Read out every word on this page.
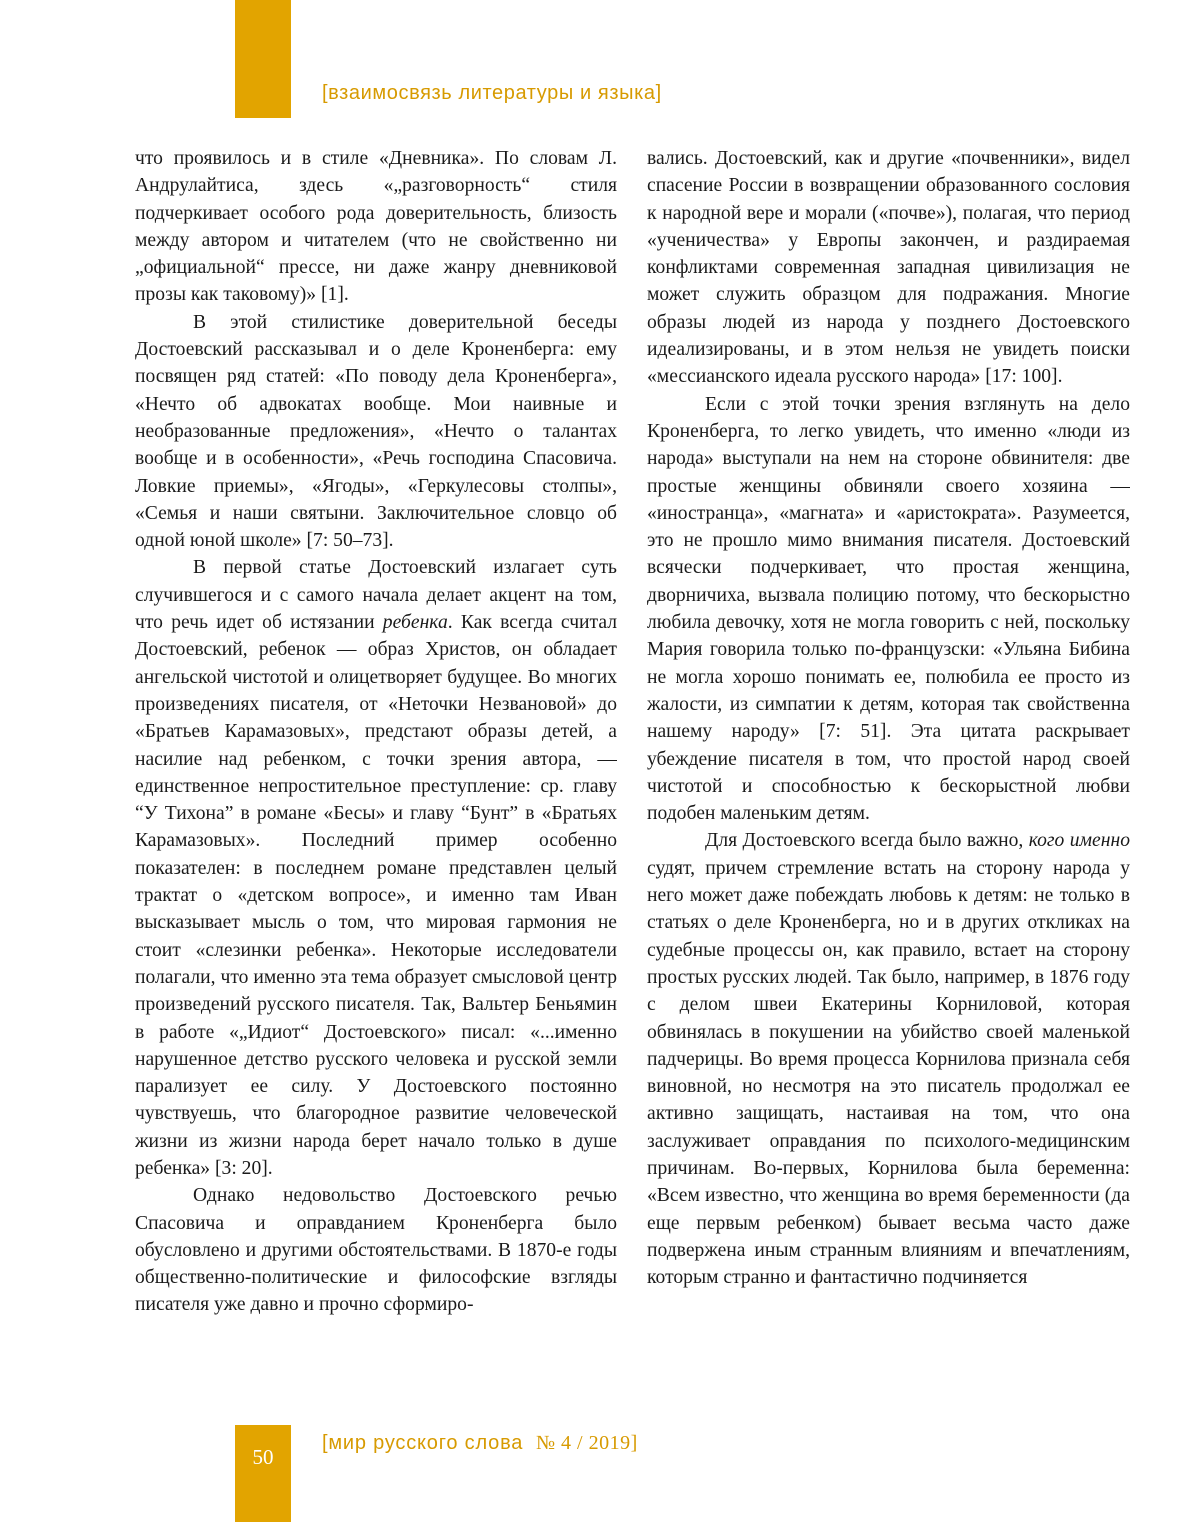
[взаимосвязь литературы и языка]

что проявилось и в стиле «Дневника». По словам Л. Андрулайтиса, здесь «„разговорность“ стиля подчеркивает особого рода доверительность, близость между автором и читателем (что не свойственно ни „официальной“ прессе, ни даже жанру дневниковой прозы как таковому)» [1].

В этой стилистике доверительной беседы Достоевский рассказывал и о деле Кроненберга: ему посвящен ряд статей: «По поводу дела Кроненберга», «Нечто об адвокатах вообще. Мои наивные и необразованные предложения», «Нечто о талантах вообще и в особенности», «Речь господина Спасовича. Ловкие приемы», «Ягоды», «Геркулесовы столпы», «Семья и наши святыни. Заключительное словцо об одной юной школе» [7: 50–73].

В первой статье Достоевский излагает суть случившегося и с самого начала делает акцент на том, что речь идет об истязании ребенка. Как всегда считал Достоевский, ребенок — образ Христов, он обладает ангельской чистотой и олицетворяет будущее. Во многих произведениях писателя, от «Неточки Незвановой» до «Братьев Карамазовых», предстают образы детей, а насилие над ребенком, с точки зрения автора, — единственное непростительное преступление: ср. главу “У Тихона” в романе «Бесы» и главу “Бунт” в «Братьях Карамазовых». Последний пример особенно показателен: в последнем романе представлен целый трактат о «детском вопросе», и именно там Иван высказывает мысль о том, что мировая гармония не стоит «слезинки ребенка». Некоторые исследователи полагали, что именно эта тема образует смысловой центр произведений русского писателя. Так, Вальтер Беньямин в работе «„Идиот“ Достоевского» писал: «...именно нарушенное детство русского человека и русской земли парализует ее силу. У Достоевского постоянно чувствуешь, что благородное развитие человеческой жизни из жизни народа берет начало только в душе ребенка» [3: 20].

Однако недовольство Достоевского речью Спасовича и оправданием Кроненберга было обусловлено и другими обстоятельствами. В 1870-е годы общественно-политические и философские взгляды писателя уже давно и прочно сформиро-

вались. Достоевский, как и другие «почвенники», видел спасение России в возвращении образованного сословия к народной вере и морали («почве»), полагая, что период «ученичества» у Европы закончен, и раздираемая конфликтами современная западная цивилизация не может служить образцом для подражания. Многие образы людей из народа у позднего Достоевского идеализированы, и в этом нельзя не увидеть поиски «мессианского идеала русского народа» [17: 100].

Если с этой точки зрения взглянуть на дело Кроненберга, то легко увидеть, что именно «люди из народа» выступали на нем на стороне обвинителя: две простые женщины обвиняли своего хозяина — «иностранца», «магната» и «аристократа». Разумеется, это не прошло мимо внимания писателя. Достоевский всячески подчеркивает, что простая женщина, дворничиха, вызвала полицию потому, что бескорыстно любила девочку, хотя не могла говорить с ней, поскольку Мария говорила только по-французски: «Ульяна Бибина не могла хорошо понимать ее, полюбила ее просто из жалости, из симпатии к детям, которая так свойственна нашему народу» [7: 51]. Эта цитата раскрывает убеждение писателя в том, что простой народ своей чистотой и способностью к бескорыстной любви подобен маленьким детям.

Для Достоевского всегда было важно, кого именно судят, причем стремление встать на сторону народа у него может даже побеждать любовь к детям: не только в статьях о деле Кроненберга, но и в других откликах на судебные процессы он, как правило, встает на сторону простых русских людей. Так было, например, в 1876 году с делом швеи Екатерины Корниловой, которая обвинялась в покушении на убийство своей маленькой падчерицы. Во время процесса Корнилова признала себя виновной, но несмотря на это писатель продолжал ее активно защищать, настаивая на том, что она заслуживает оправдания по психолого-медицинским причинам. Во-первых, Корнилова была беременна: «Всем известно, что женщина во время беременности (да еще первым ребенком) бывает весьма часто даже подвержена иным странным влияниям и впечатлениям, которым странно и фантастично подчиняется

50
[мир русского слова № 4 / 2019]
